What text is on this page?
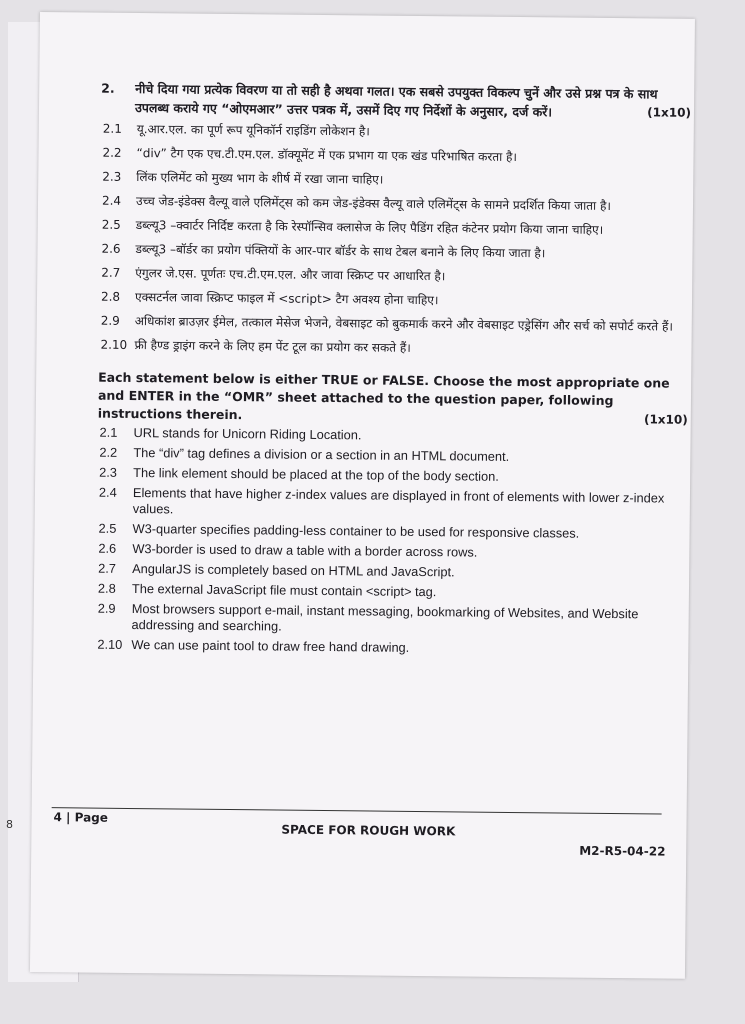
8
2.	नीचे दिया गया प्रत्येक विवरण या तो सही है अथवा गलत। एक सबसे उपयुक्त विकल्प चुनें और उसे प्रश्न पत्र के साथ उपलब्ध कराये गए “ओएमआर” उत्तर पत्रक में, उसमें दिए गए निर्देशों के अनुसार, दर्ज करें।	(1x10)
2.1	यू.आर.एल. का पूर्ण रूप यूनिकॉर्न राइडिंग लोकेशन है।
2.2	“div” टैग एक एच.टी.एम.एल. डॉक्यूमेंट में एक प्रभाग या एक खंड परिभाषित करता है।
2.3	लिंक एलिमेंट को मुख्य भाग के शीर्ष में रखा जाना चाहिए।
2.4	उच्च जेड-इंडेक्स वैल्यू वाले एलिमेंट्स को कम जेड-इंडेक्स वैल्यू वाले एलिमेंट्स के सामने प्रदर्शित किया जाता है।
2.5	डब्ल्यू3 –क्वार्टर निर्दिष्ट करता है कि रेस्पॉन्सिव क्लासेज के लिए पैडिंग रहित कंटेनर प्रयोग किया जाना चाहिए।
2.6	डब्ल्यू3 –बॉर्डर का प्रयोग पंक्तियों के आर-पार बॉर्डर के साथ टेबल बनाने के लिए किया जाता है।
2.7	एंगुलर जे.एस. पूर्णतः एच.टी.एम.एल. और जावा स्क्रिप्ट पर आधारित है।
2.8	एक्सटर्नल जावा स्क्रिप्ट फाइल में <script> टैग अवश्य होना चाहिए।
2.9	अधिकांश ब्राउज़र ईमेल, तत्काल मेसेज भेजने, वेबसाइट को बुकमार्क करने और वेबसाइट एड्रेसिंग और सर्च को सपोर्ट करते हैं।
2.10 फ्री हैण्ड ड्राइंग करने के लिए हम पेंट टूल का प्रयोग कर सकते हैं।
Each statement below is either TRUE or FALSE. Choose the most appropriate one and ENTER in the “OMR” sheet attached to the question paper, following instructions therein.	(1x10)
2.1	URL stands for Unicorn Riding Location.
2.2	The “div” tag defines a division or a section in an HTML document.
2.3	The link element should be placed at the top of the body section.
2.4	Elements that have higher z-index values are displayed in front of elements with lower z-index values.
2.5	W3-quarter specifies padding-less container to be used for responsive classes.
2.6	W3-border is used to draw a table with a border across rows.
2.7	AngularJS is completely based on HTML and JavaScript.
2.8	The external JavaScript file must contain <script> tag.
2.9	Most browsers support e-mail, instant messaging, bookmarking of Websites, and Website addressing and searching.
2.10 We can use paint tool to draw free hand drawing.
4 | Page
SPACE FOR ROUGH WORK
M2-R5-04-22
